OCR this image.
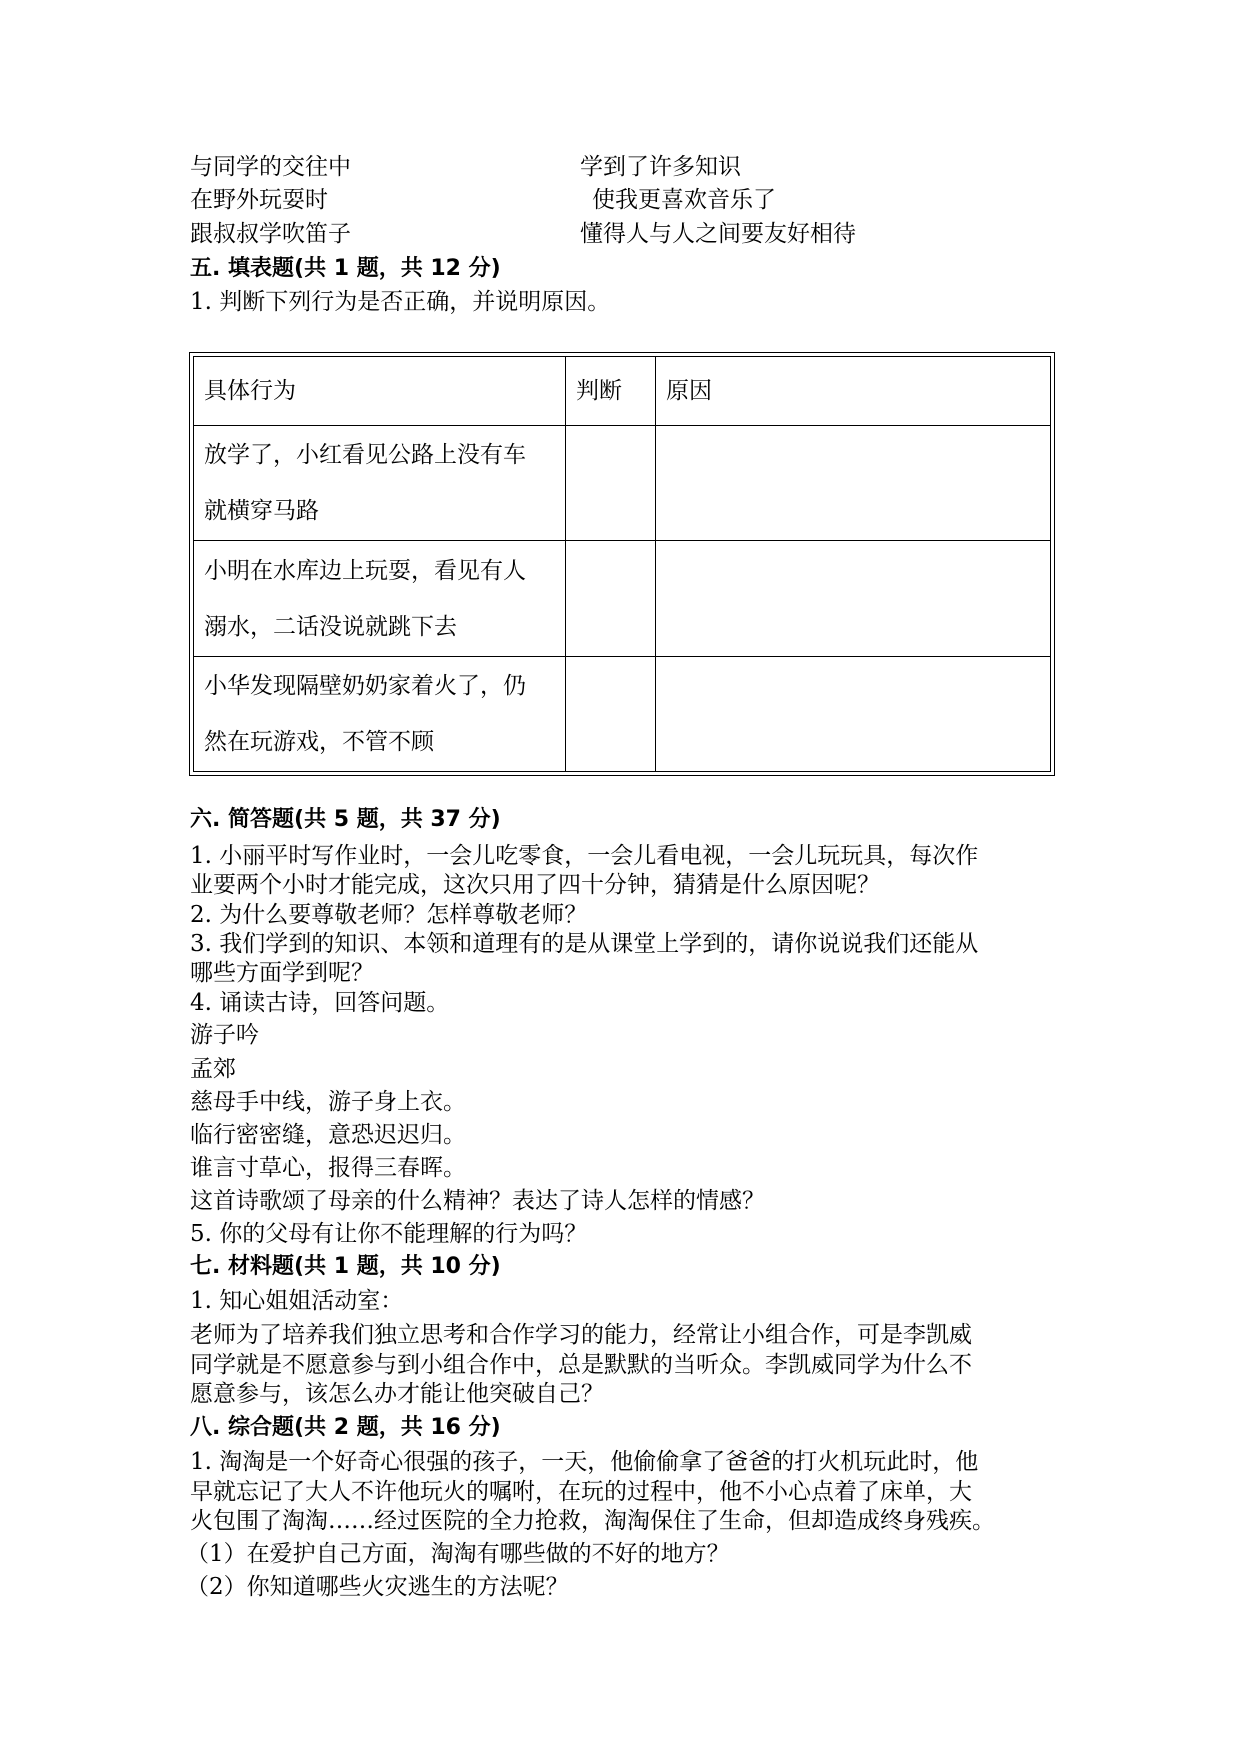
与同学的交往中	学到了许多知识
在野外玩耍时	使我更喜欢音乐了
跟叔叔学吹笛子	懂得人与人之间要友好相待
五. 填表题(共 1 题，共 12 分)
1. 判断下列行为是否正确，并说明原因。
具体行为	判断	原因

放学了，小红看见公路上没有车
就横穿马路		

小明在水库边上玩耍，看见有人
溺水，二话没说就跳下去		

小华发现隔壁奶奶家着火了，仍
然在玩游戏，不管不顾		

六. 简答题(共 5 题，共 37 分)
1. 小丽平时写作业时，一会儿吃零食，一会儿看电视，一会儿玩玩具，每次作
业要两个小时才能完成，这次只用了四十分钟，猜猜是什么原因呢？
2. 为什么要尊敬老师？怎样尊敬老师？
3. 我们学到的知识、本领和道理有的是从课堂上学到的，请你说说我们还能从
哪些方面学到呢？
4. 诵读古诗，回答问题。
游子吟
孟郊
慈母手中线，游子身上衣。
临行密密缝，意恐迟迟归。
谁言寸草心，报得三春晖。
这首诗歌颂了母亲的什么精神？表达了诗人怎样的情感？
5. 你的父母有让你不能理解的行为吗？
七. 材料题(共 1 题，共 10 分)
1. 知心姐姐活动室：
老师为了培养我们独立思考和合作学习的能力，经常让小组合作，可是李凯威
同学就是不愿意参与到小组合作中，总是默默的当听众。李凯威同学为什么不
愿意参与，该怎么办才能让他突破自己？
八. 综合题(共 2 题，共 16 分)
1. 淘淘是一个好奇心很强的孩子，一天，他偷偷拿了爸爸的打火机玩此时，他
早就忘记了大人不许他玩火的嘱咐，在玩的过程中，他不小心点着了床单，大
火包围了淘淘……经过医院的全力抢救，淘淘保住了生命，但却造成终身残疾。
（1）在爱护自己方面，淘淘有哪些做的不好的地方？
（2）你知道哪些火灾逃生的方法呢？
